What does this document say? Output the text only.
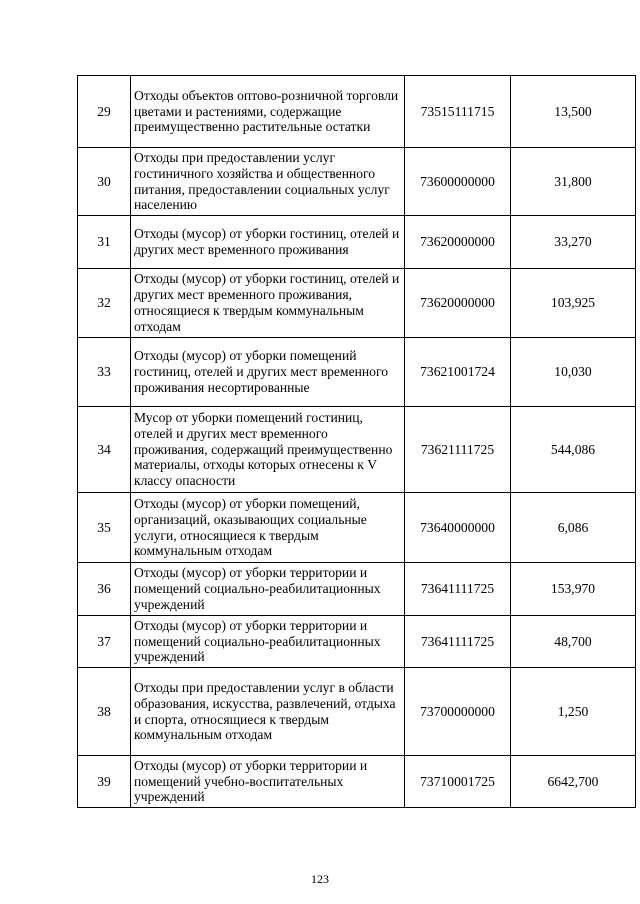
29	Отходы объектов оптово-розничной торговли цветами и растениями, содержащие преимущественно растительные остатки	73515111715	13,500
30	Отходы при предоставлении услуг гостиничного хозяйства и общественного питания, предоставлении социальных услуг населению	73600000000	31,800
31	Отходы (мусор) от уборки гостиниц, отелей и других мест временного проживания	73620000000	33,270
32	Отходы (мусор) от уборки гостиниц, отелей и других мест временного проживания, относящиеся к твердым коммунальным отходам	73620000000	103,925
33	Отходы (мусор) от уборки помещений гостиниц, отелей и других мест временного проживания несортированные	73621001724	10,030
34	Мусор от уборки помещений гостиниц, отелей и других мест временного проживания, содержащий преимущественно материалы, отходы которых отнесены к V классу опасности	73621111725	544,086
35	Отходы (мусор) от уборки помещений, организаций, оказывающих социальные услуги, относящиеся к твердым коммунальным отходам	73640000000	6,086
36	Отходы (мусор) от уборки территории и помещений социально-реабилитационных учреждений	73641111725	153,970
37	Отходы (мусор) от уборки территории и помещений социально-реабилитационных учреждений	73641111725	48,700
38	Отходы при предоставлении услуг в области образования, искусства, развлечений, отдыха и спорта, относящиеся к твердым коммунальным отходам	73700000000	1,250
39	Отходы (мусор) от уборки территории и помещений учебно-воспитательных учреждений	73710001725	6642,700
123
